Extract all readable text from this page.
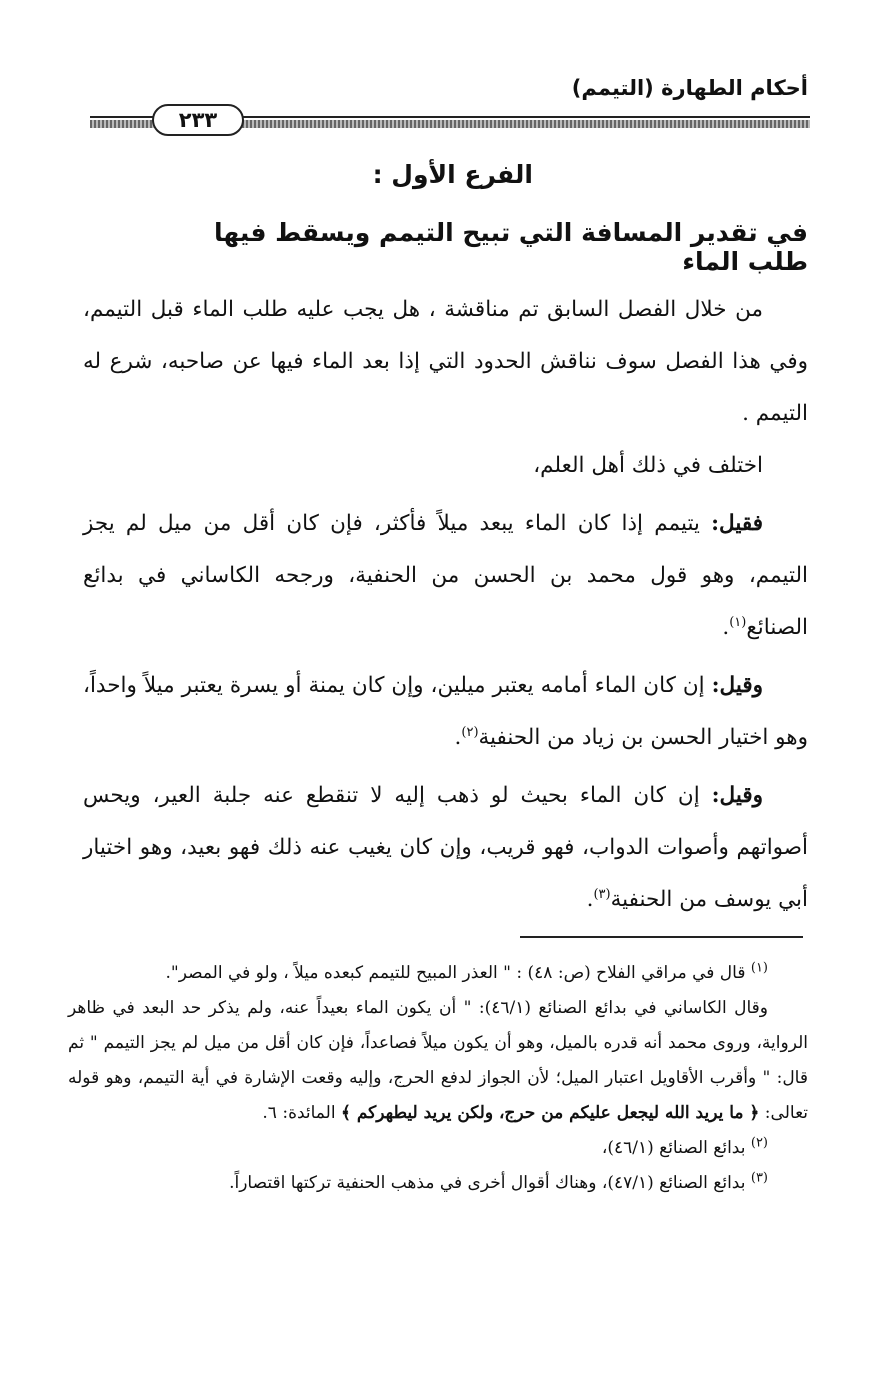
أحكام الطهارة (التيمم)
٢٣٣
الفرع الأول :
في تقدير المسافة التي تبيح التيمم ويسقط فيها طلب الماء

من خلال الفصل السابق تم مناقشة ، هل يجب عليه طلب الماء قبل التيمم، وفي هذا الفصل سوف نناقش الحدود التي إذا بعد الماء فيها عن صاحبه، شرع له التيمم .

اختلف في ذلك أهل العلم،

فقيل: يتيمم إذا كان الماء يبعد ميلاً فأكثر، فإن كان أقل من ميل لم يجز التيمم، وهو قول محمد بن الحسن من الحنفية، ورجحه الكاساني في بدائع الصنائع$^{(١)}$.

وقيل: إن كان الماء أمامه يعتبر ميلين، وإن كان يمنة أو يسرة يعتبر ميلاً واحداً، وهو اختيار الحسن بن زياد من الحنفية$^{(٢)}$.

وقيل: إن كان الماء بحيث لو ذهب إليه لا تنقطع عنه جلبة العير، ويحس أصواتهم وأصوات الدواب، فهو قريب، وإن كان يغيب عنه ذلك فهو بعيد، وهو اختيار أبي يوسف من الحنفية$^{(٣)}$.

$^{(١)}$ قال في مراقي الفلاح (ص: ٤٨) : " العذر المبيح للتيمم كبعده ميلاً ، ولو في المصر".

وقال الكاساني في بدائع الصنائع (٤٦/١): " أن يكون الماء بعيداً عنه، ولم يذكر حد البعد في ظاهر الرواية، وروى محمد أنه قدره بالميل، وهو أن يكون ميلاً فصاعداً، فإن كان أقل من ميل لم يجز التيمم " ثم قال: " وأقرب الأقاويل اعتبار الميل؛ لأن الجواز لدفع الحرج، وإليه وقعت الإشارة في أية التيمم، وهو قوله تعالى: ﴿ ما يريد الله ليجعل عليكم من حرج، ولكن يريد ليطهركم ﴾ المائدة: ٦.

$^{(٢)}$ بدائع الصنائع (٤٦/١)،

$^{(٣)}$ بدائع الصنائع (٤٧/١)، وهناك أقوال أخرى في مذهب الحنفية تركتها اقتصاراً.
